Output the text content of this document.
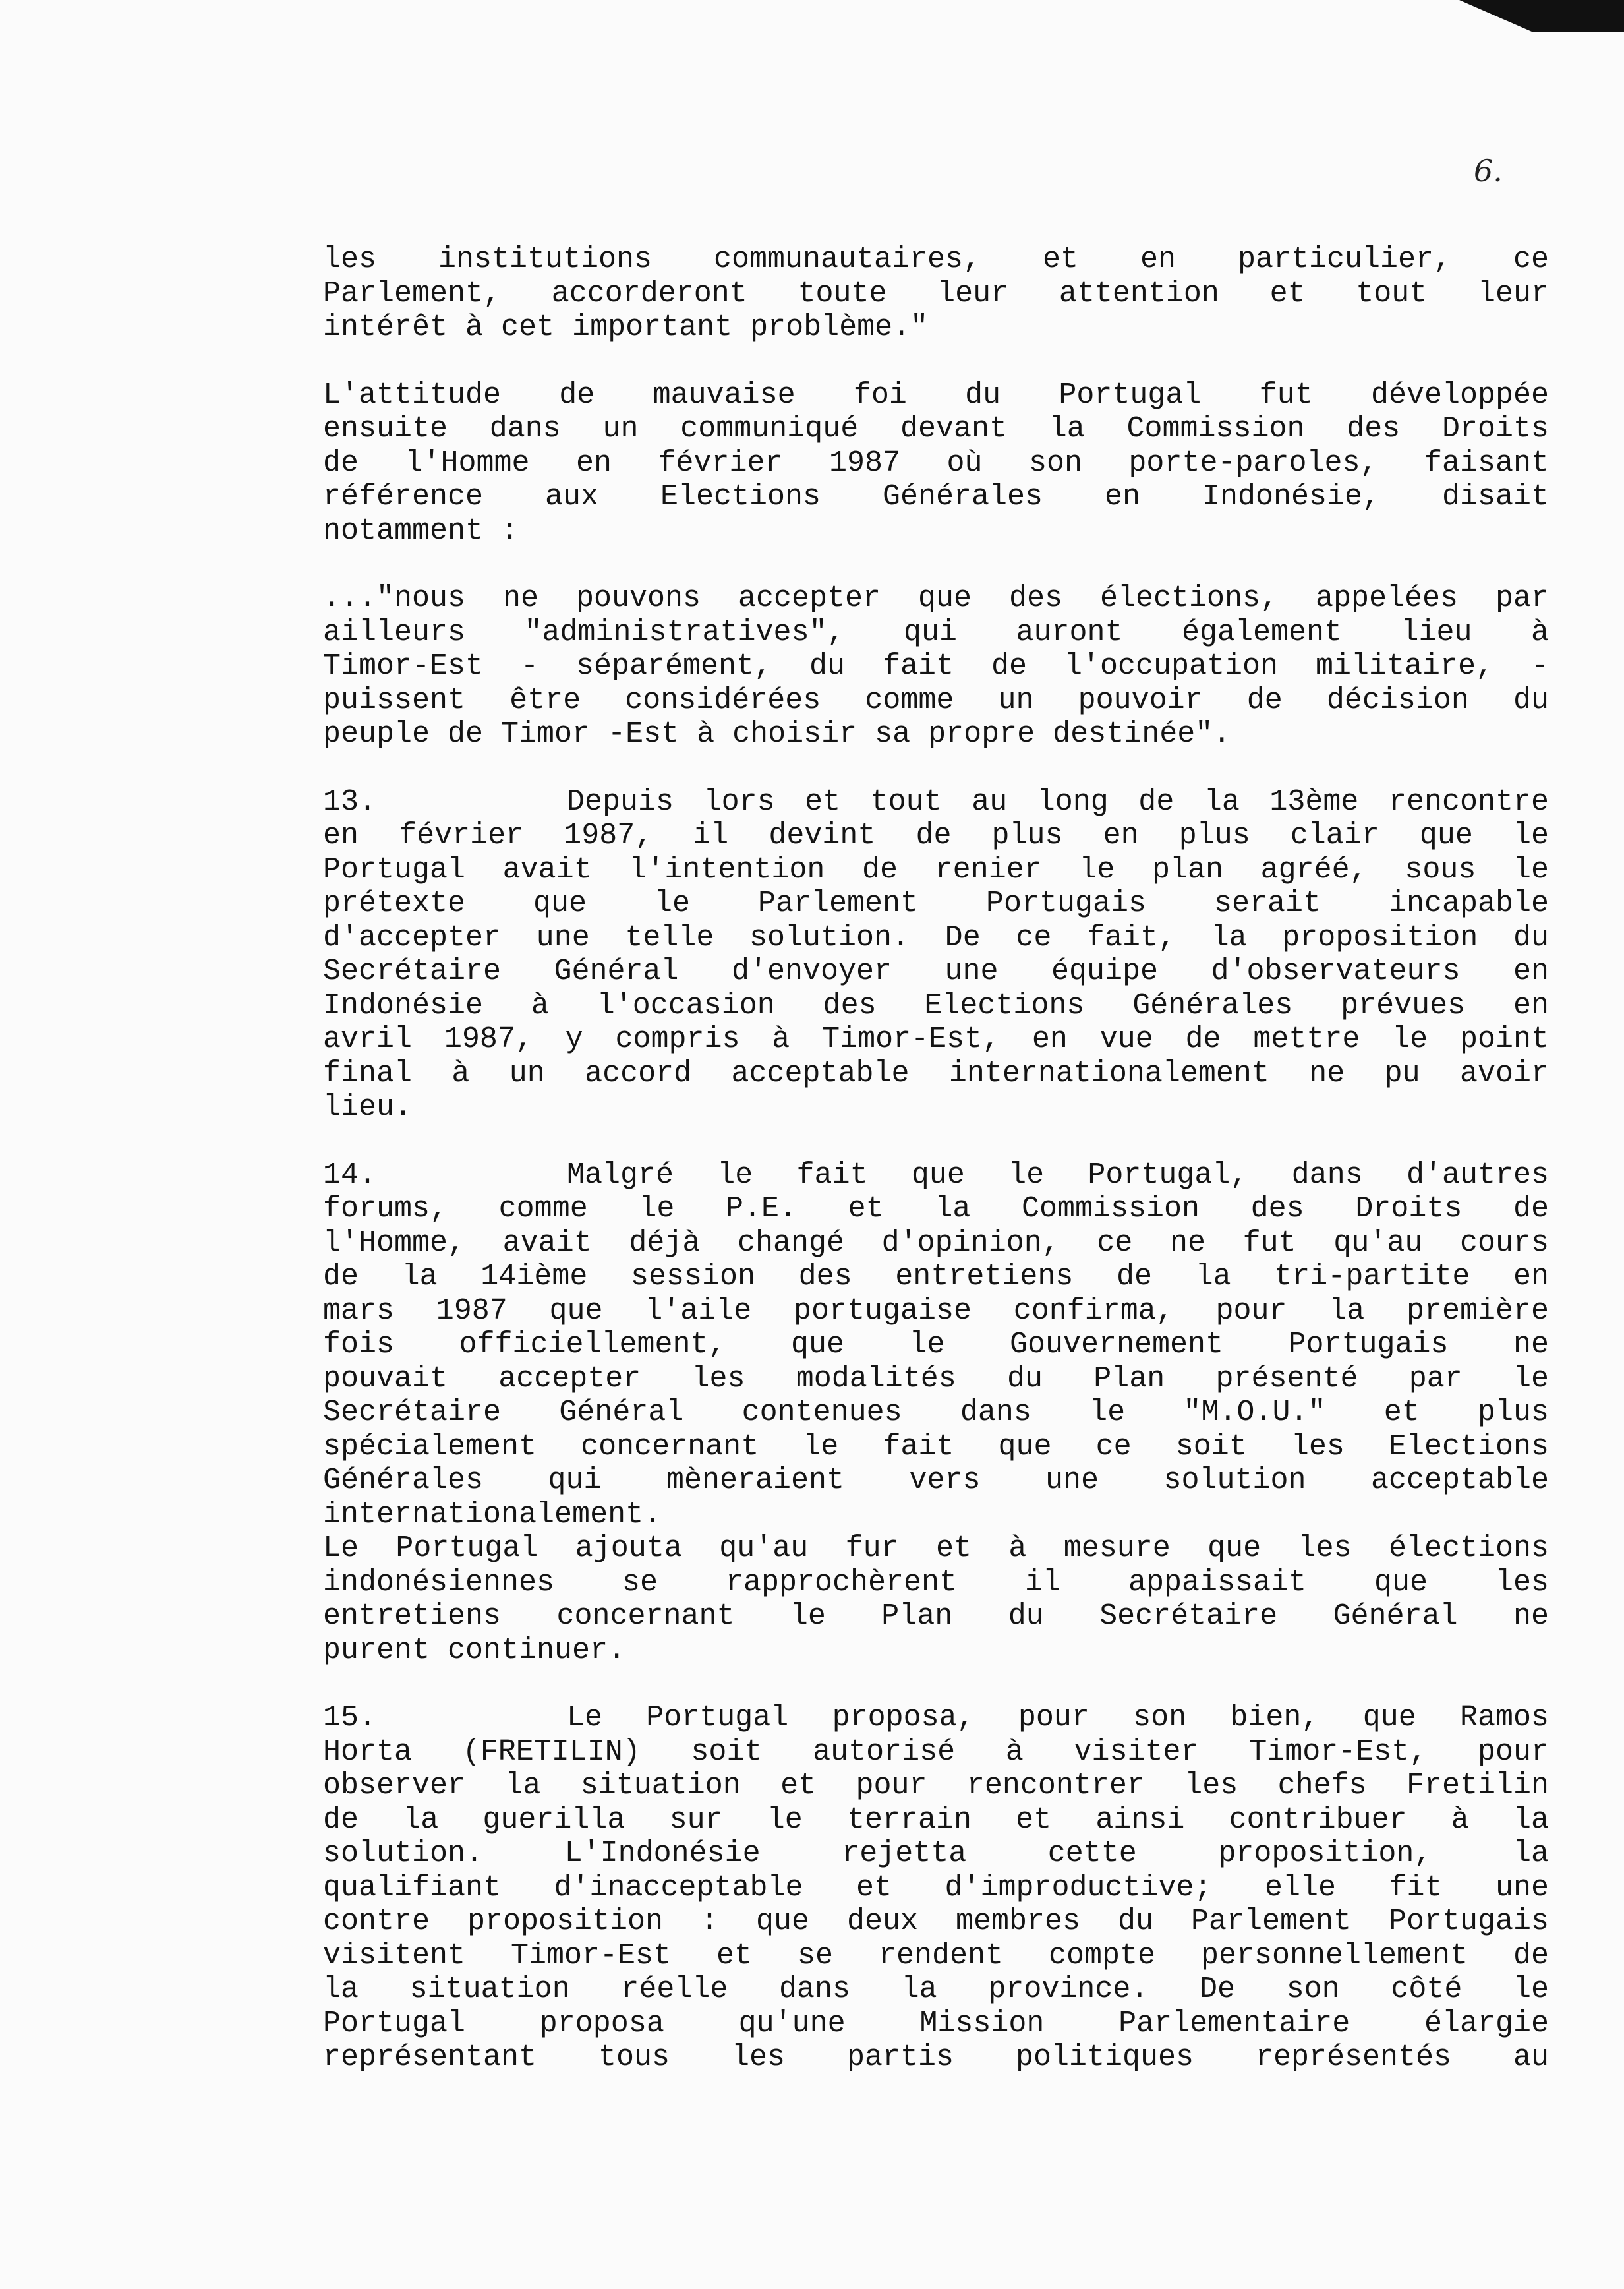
6.
les institutions communautaires, et en particulier, ce
Parlement, accorderont toute leur attention et tout leur
intérêt à cet important problème."
L'attitude de mauvaise foi du Portugal fut développée
ensuite dans un communiqué devant la Commission des Droits
de l'Homme en février 1987 où son porte-paroles, faisant
référence aux Elections Générales en Indonésie, disait
notamment :
..."nous ne pouvons accepter que des élections, appelées par
ailleurs "administratives", qui auront également lieu à
Timor-Est - séparément, du fait de l'occupation militaire, -
puissent être considérées comme un pouvoir de décision du
peuple de Timor -Est à choisir sa propre destinée".
13.	Depuis lors et tout au long de la 13ème rencontre
en février 1987, il devint de plus en plus clair que le
Portugal avait l'intention de renier le plan agréé, sous le
prétexte que le Parlement Portugais serait incapable
d'accepter une telle solution. De ce fait, la proposition du
Secrétaire Général d'envoyer une équipe d'observateurs en
Indonésie à l'occasion des Elections Générales prévues en
avril 1987, y compris à Timor-Est, en vue de mettre le point
final à un accord acceptable internationalement ne pu avoir
lieu.
14.	Malgré le fait que le Portugal, dans d'autres
forums, comme le P.E. et la Commission des Droits de
l'Homme, avait déjà changé d'opinion, ce ne fut qu'au cours
de la 14ième session des entretiens de la tri-partite en
mars 1987 que l'aile portugaise confirma, pour la première
fois officiellement, que le Gouvernement Portugais ne
pouvait accepter les modalités du Plan présenté par le
Secrétaire Général contenues dans le "M.O.U." et plus
spécialement concernant le fait que ce soit les Elections
Générales qui mèneraient vers une solution acceptable
internationalement.
Le Portugal ajouta qu'au fur et à mesure que les élections
indonésiennes se rapprochèrent il appaissait que les
entretiens concernant le Plan du Secrétaire Général ne
purent continuer.
15.	Le Portugal proposa, pour son bien, que Ramos
Horta (FRETILIN) soit autorisé à visiter Timor-Est, pour
observer la situation et pour rencontrer les chefs Fretilin
de la guerilla sur le terrain et ainsi contribuer à la
solution. L'Indonésie rejetta cette proposition, la
qualifiant d'inacceptable et d'improductive; elle fit une
contre proposition : que deux membres du Parlement Portugais
visitent Timor-Est et se rendent compte personnellement de
la situation réelle dans la province. De son côté le
Portugal proposa qu'une Mission Parlementaire élargie
représentant tous les partis politiques représentés au
